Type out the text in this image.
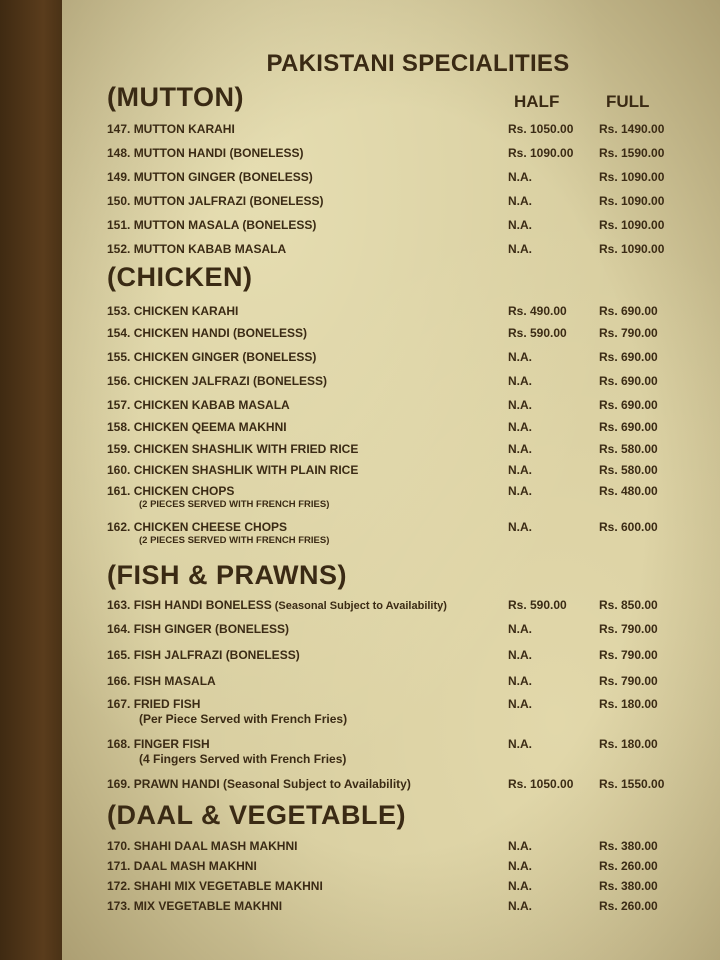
PAKISTANI SPECIALITIES
HALF	FULL
(MUTTON)
147. MUTTON KARAHI	Rs. 1050.00 Rs. 1490.00
148. MUTTON HANDI (BONELESS)	Rs. 1090.00 Rs. 1590.00
149. MUTTON GINGER (BONELESS)	N.A.	Rs. 1090.00
150. MUTTON JALFRAZI (BONELESS)	N.A.	Rs. 1090.00
151. MUTTON MASALA (BONELESS)	N.A.	Rs. 1090.00
152. MUTTON KABAB MASALA	N.A.	Rs. 1090.00
(CHICKEN)
153. CHICKEN KARAHI	Rs. 490.00	Rs. 690.00
154. CHICKEN HANDI (BONELESS)	Rs. 590.00	Rs. 790.00
155. CHICKEN GINGER (BONELESS)	N.A.	Rs. 690.00
156. CHICKEN JALFRAZI (BONELESS)	N.A.	Rs. 690.00
157. CHICKEN KABAB MASALA	N.A.	Rs. 690.00
158. CHICKEN QEEMA MAKHNI	N.A.	Rs. 690.00
159. CHICKEN SHASHLIK WITH FRIED RICE	N.A.	Rs. 580.00
160. CHICKEN SHASHLIK WITH PLAIN RICE	N.A.	Rs. 580.00
161. CHICKEN CHOPS
(2 PIECES SERVED WITH FRENCH FRIES)
N.A.	Rs. 480.00
162. CHICKEN CHEESE CHOPS
(2 PIECES SERVED WITH FRENCH FRIES)
N.A.	Rs. 600.00
(FISH & PRAWNS)
163. FISH HANDI BONELESS (Seasonal Subject to Availability)	Rs. 590.00	Rs. 850.00
164. FISH GINGER (BONELESS)	N.A.	Rs. 790.00
165. FISH JALFRAZI (BONELESS)	N.A.	Rs. 790.00
166. FISH MASALA	N.A.	Rs. 790.00
167. FRIED FISH
(Per Piece Served with French Fries)
N.A.	Rs. 180.00
168. FINGER FISH
(4 Fingers Served with French Fries)
N.A.	Rs. 180.00
169. PRAWN HANDI (Seasonal Subject to Availability)	Rs. 1050.00 Rs. 1550.00
(DAAL & VEGETABLE)
170. SHAHI DAAL MASH MAKHNI	N.A.	Rs. 380.00
171. DAAL MASH MAKHNI	N.A.	Rs. 260.00
172. SHAHI MIX VEGETABLE MAKHNI	N.A.	Rs. 380.00
173. MIX VEGETABLE MAKHNI	N.A.	Rs. 260.00
